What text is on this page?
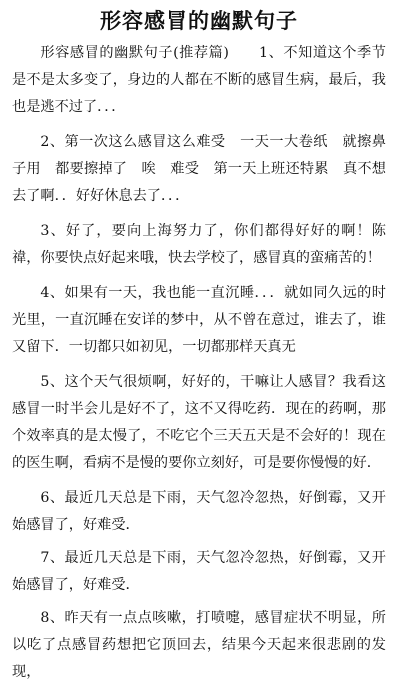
形容感冒的幽默句子

形容感冒的幽默句子(推荐篇)　　1、不知道这个季节是不是太多变了，身边的人都在不断的感冒生病，最后，我也是逃不过了．．．

2、第一次这么感冒这么难受　一天一大卷纸　就擦鼻子用　都要擦掉了　唉　难受　第一天上班还特累　真不想去了啊．．好好休息去了．．．

3、好了，要向上海努力了，你们都得好好的啊！陈禕，你要快点好起来哦，快去学校了，感冒真的蛮痛苦的！

4、如果有一天，我也能一直沉睡．．．就如同久远的时光里，一直沉睡在安详的梦中，从不曾在意过，谁去了，谁又留下．一切都只如初见，一切都那样天真无

5、这个天气很烦啊，好好的，干嘛让人感冒？我看这感冒一时半会儿是好不了，这不又得吃药．现在的药啊，那个效率真的是太慢了，不吃它个三天五天是不会好的！现在的医生啊，看病不是慢的要你立刻好，可是要你慢慢的好．

6、最近几天总是下雨，天气忽冷忽热，好倒霉，又开始感冒了，好难受．

7、最近几天总是下雨，天气忽冷忽热，好倒霉，又开始感冒了，好难受．

8、昨天有一点点咳嗽，打喷嚏，感冒症状不明显，所以吃了点感冒药想把它顶回去，结果今天起来很悲剧的发现，
